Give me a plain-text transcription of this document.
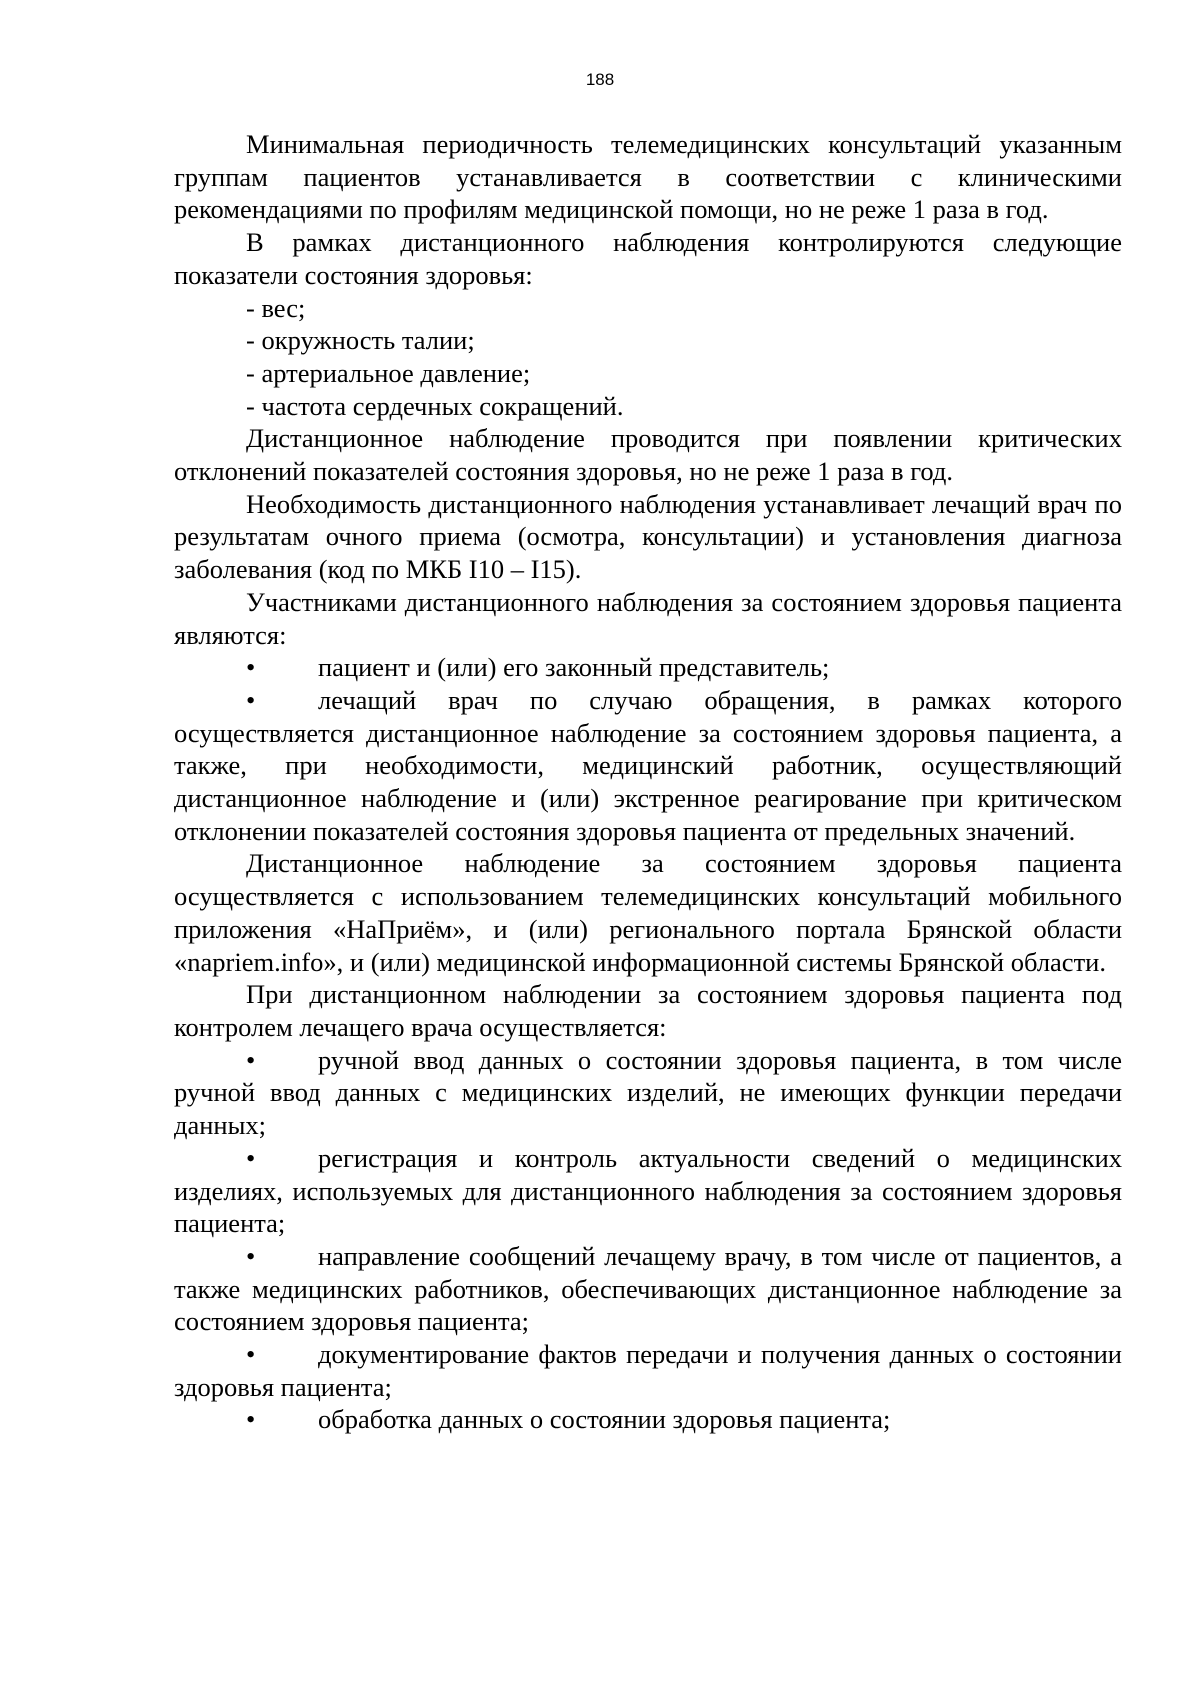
188

Минимальная периодичность телемедицинских консультаций указанным группам пациентов устанавливается в соответствии с клиническими рекомендациями по профилям медицинской помощи, но не реже 1 раза в год.

В рамках дистанционного наблюдения контролируются следующие показатели состояния здоровья:

- вес;

- окружность талии;

- артериальное давление;

- частота сердечных сокращений.

Дистанционное наблюдение проводится при появлении критических отклонений показателей состояния здоровья, но не реже 1 раза в год.

Необходимость дистанционного наблюдения устанавливает лечащий врач по результатам очного приема (осмотра, консультации) и установления диагноза заболевания (код по МКБ I10 – I15).

Участниками дистанционного наблюдения за состоянием здоровья пациента являются:

• пациент и (или) его законный представитель;

• лечащий врач по случаю обращения, в рамках которого осуществляется дистанционное наблюдение за состоянием здоровья пациента, а также, при необходимости, медицинский работник, осуществляющий дистанционное наблюдение и (или) экстренное реагирование при критическом отклонении показателей состояния здоровья пациента от предельных значений.

Дистанционное наблюдение за состоянием здоровья пациента осуществляется с использованием телемедицинских консультаций мобильного приложения «НаПриём», и (или) регионального портала Брянской области «napriem.info», и (или) медицинской информационной системы Брянской области.

При дистанционном наблюдении за состоянием здоровья пациента под контролем лечащего врача осуществляется:

• ручной ввод данных о состоянии здоровья пациента, в том числе ручной ввод данных с медицинских изделий, не имеющих функции передачи данных;

• регистрация и контроль актуальности сведений о медицинских изделиях, используемых для дистанционного наблюдения за состоянием здоровья пациента;

• направление сообщений лечащему врачу, в том числе от пациентов, а также медицинских работников, обеспечивающих дистанционное наблюдение за состоянием здоровья пациента;

• документирование фактов передачи и получения данных о состоянии здоровья пациента;

• обработка данных о состоянии здоровья пациента;
